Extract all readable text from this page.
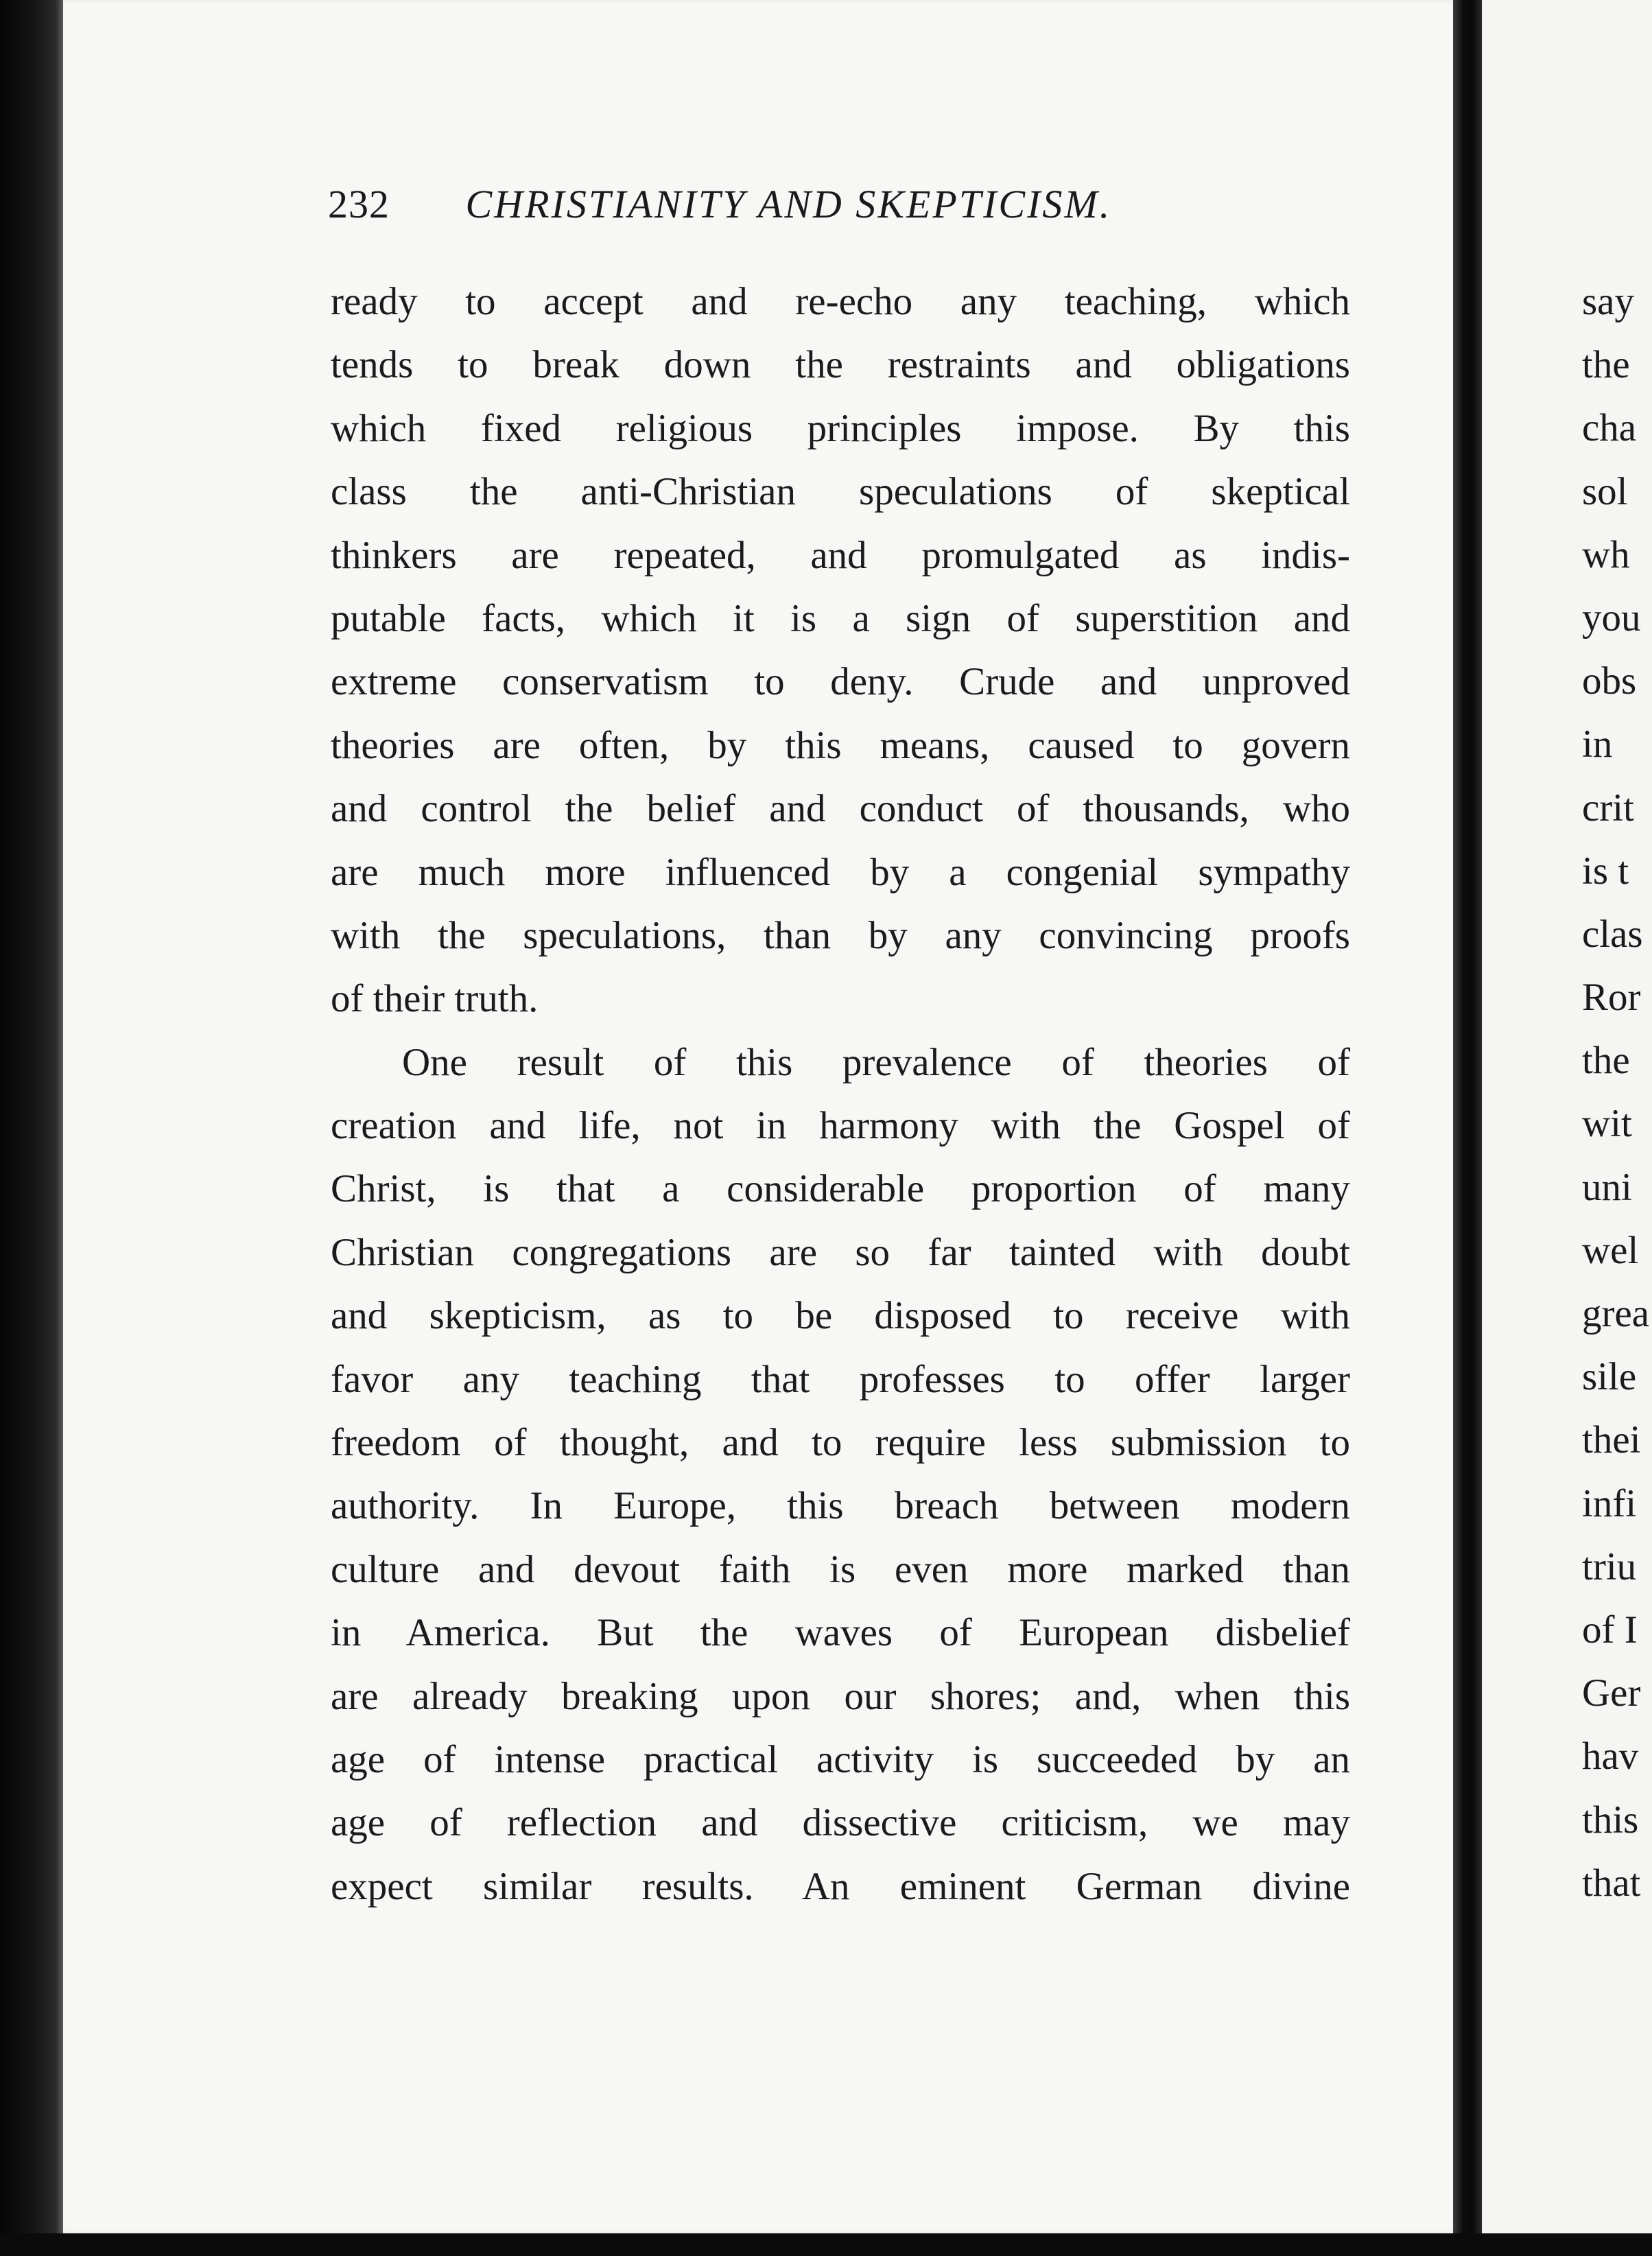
232 CHRISTIANITY AND SKEPTICISM.
ready to accept and re-echo any teaching, which
tends to break down the restraints and obligations
which fixed religious principles impose. By this
class the anti-Christian speculations of skeptical
thinkers are repeated, and promulgated as indis-
putable facts, which it is a sign of superstition and
extreme conservatism to deny. Crude and unproved
theories are often, by this means, caused to govern
and control the belief and conduct of thousands, who
are much more influenced by a congenial sympathy
with the speculations, than by any convincing proofs
of their truth.
One result of this prevalence of theories of
creation and life, not in harmony with the Gospel of
Christ, is that a considerable proportion of many
Christian congregations are so far tainted with doubt
and skepticism, as to be disposed to receive with
favor any teaching that professes to offer larger
freedom of thought, and to require less submission to
authority. In Europe, this breach between modern
culture and devout faith is even more marked than
in America. But the waves of European disbelief
are already breaking upon our shores; and, when this
age of intense practical activity is succeeded by an
age of reflection and dissective criticism, we may
expect similar results. An eminent German divine
say
the
cha
sol
wh
you
obs
in
crit
is t
clas
Ror
the
wit
uni
wel
grea
sile
thei
infi
triu
of I
Ger
hav
this
that
